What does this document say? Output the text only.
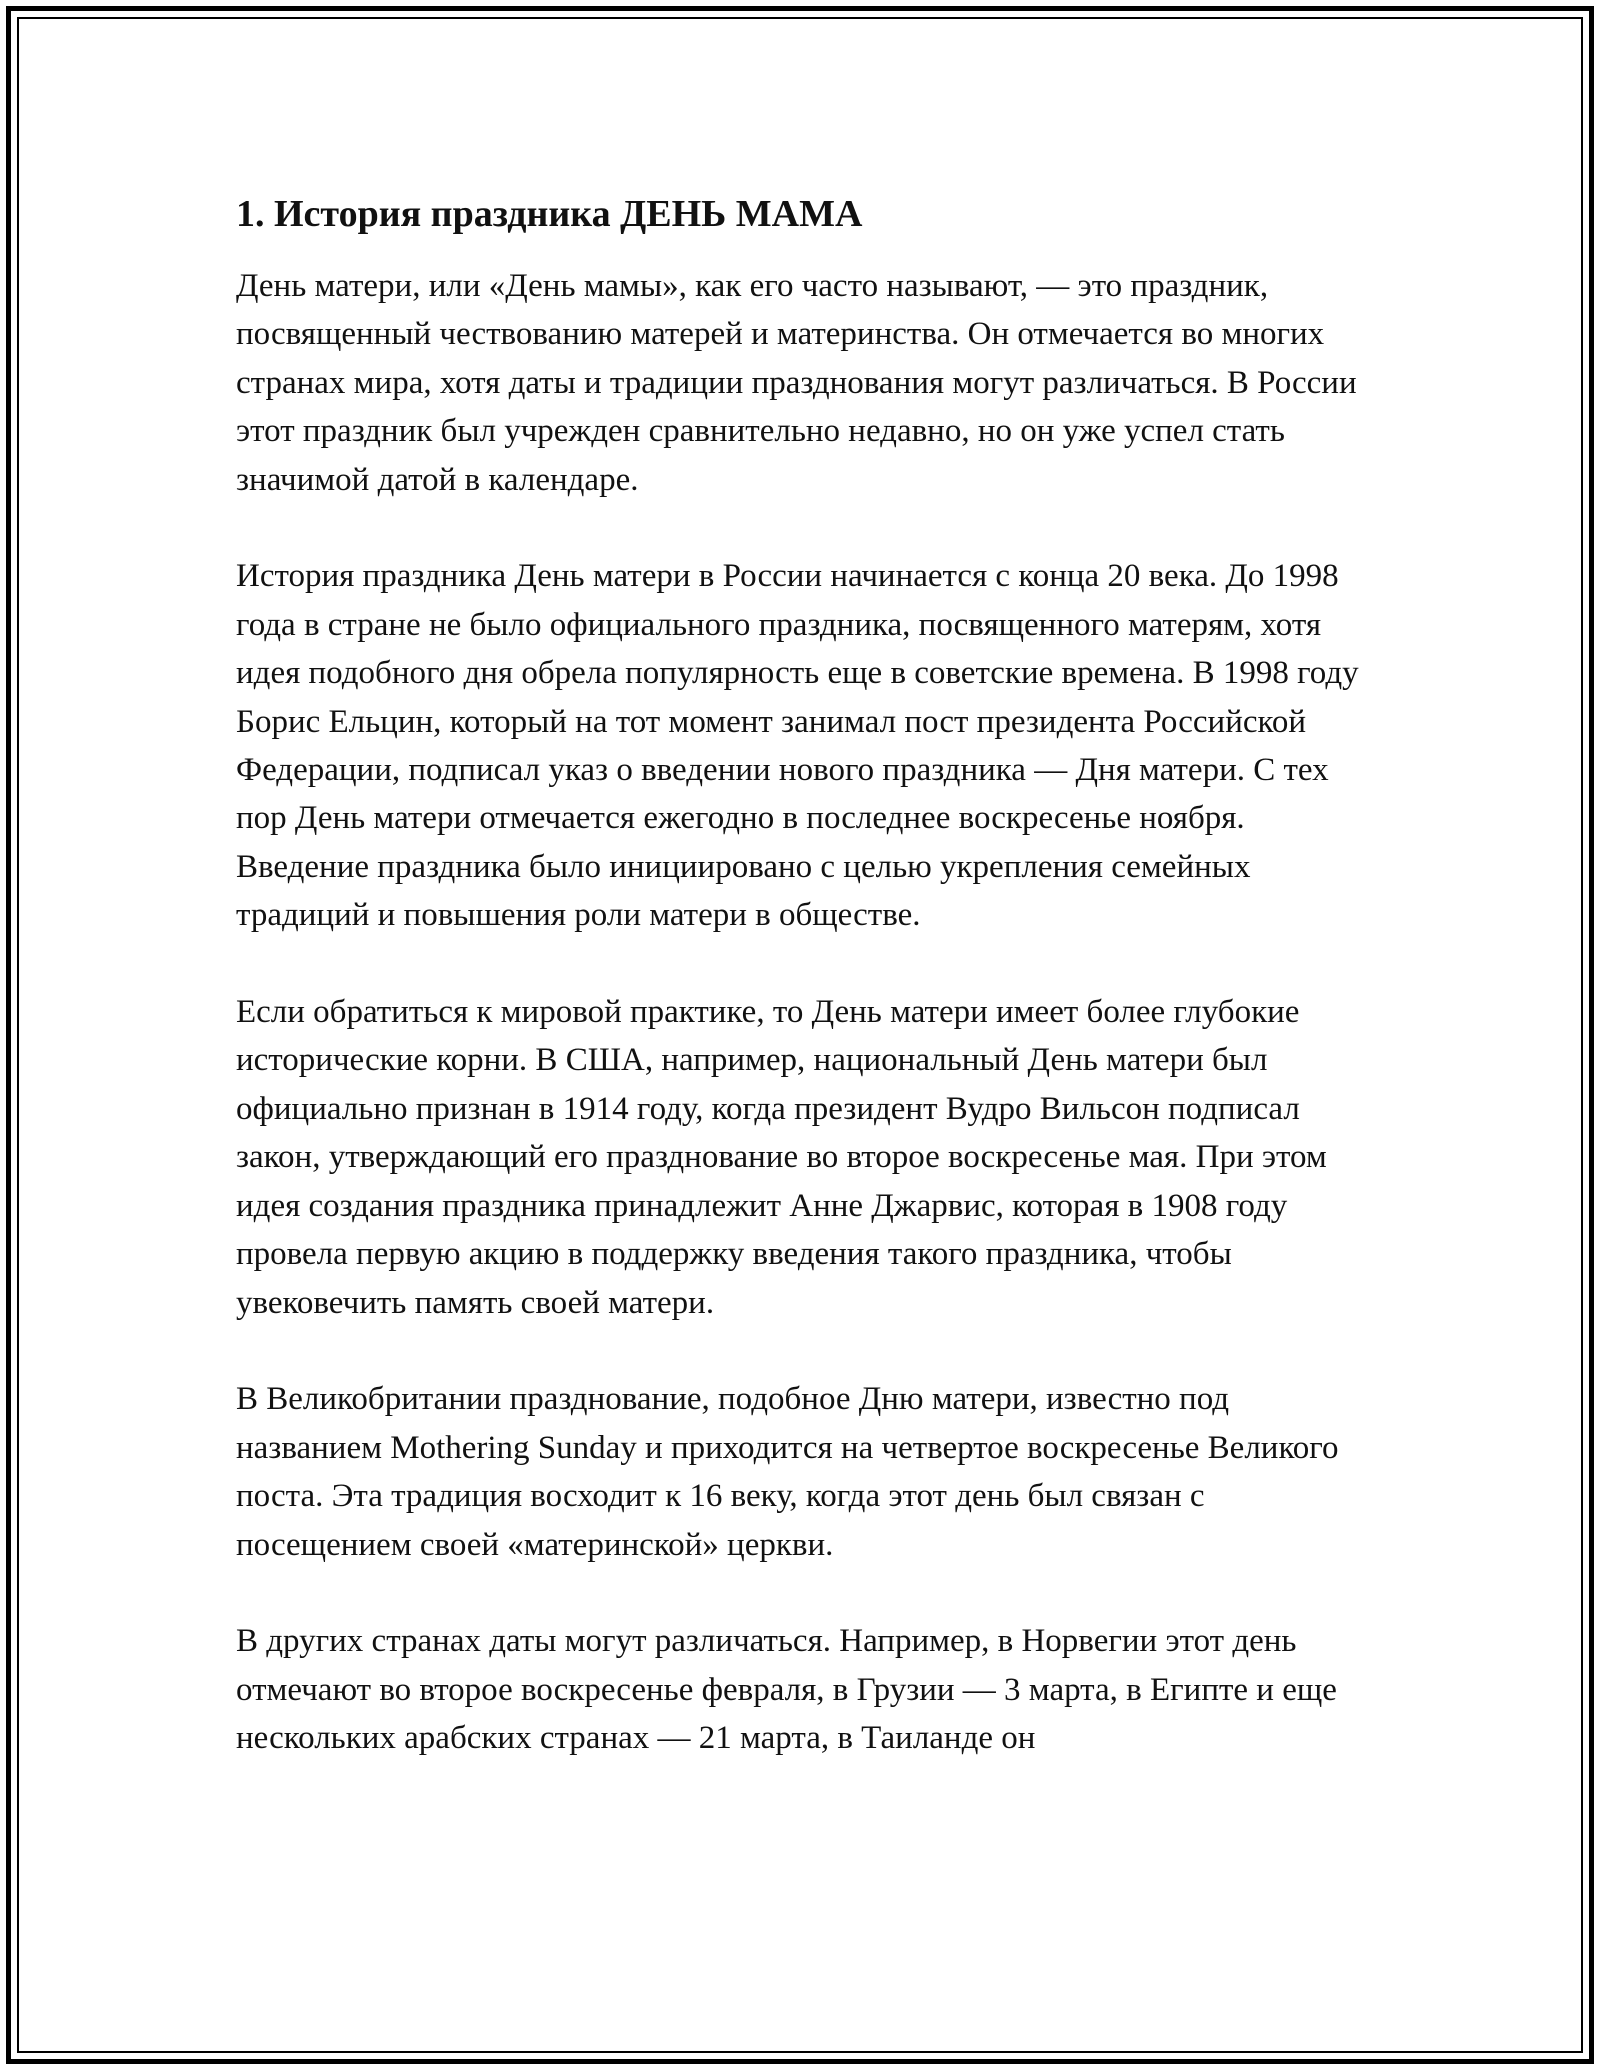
1. История праздника ДЕНЬ МАМА

День матери, или «День мамы», как его часто называют, — это праздник, посвященный чествованию матерей и материнства. Он отмечается во многих странах мира, хотя даты и традиции празднования могут различаться. В России этот праздник был учрежден сравнительно недавно, но он уже успел стать значимой датой в календаре.

История праздника День матери в России начинается с конца 20 века. До 1998 года в стране не было официального праздника, посвященного матерям, хотя идея подобного дня обрела популярность еще в советские времена. В 1998 году Борис Ельцин, который на тот момент занимал пост президента Российской Федерации, подписал указ о введении нового праздника — Дня матери. С тех пор День матери отмечается ежегодно в последнее воскресенье ноября. Введение праздника было инициировано с целью укрепления семейных традиций и повышения роли матери в обществе.

Если обратиться к мировой практике, то День матери имеет более глубокие исторические корни. В США, например, национальный День матери был официально признан в 1914 году, когда президент Вудро Вильсон подписал закон, утверждающий его празднование во второе воскресенье мая. При этом идея создания праздника принадлежит Анне Джарвис, которая в 1908 году провела первую акцию в поддержку введения такого праздника, чтобы увековечить память своей матери.

В Великобритании празднование, подобное Дню матери, известно под названием Mothering Sunday и приходится на четвертое воскресенье Великого поста. Эта традиция восходит к 16 веку, когда этот день был связан с посещением своей «материнской» церкви.

В других странах даты могут различаться. Например, в Норвегии этот день отмечают во второе воскресенье февраля, в Грузии — 3 марта, в Египте и еще нескольких арабских странах — 21 марта, в Таиланде он
